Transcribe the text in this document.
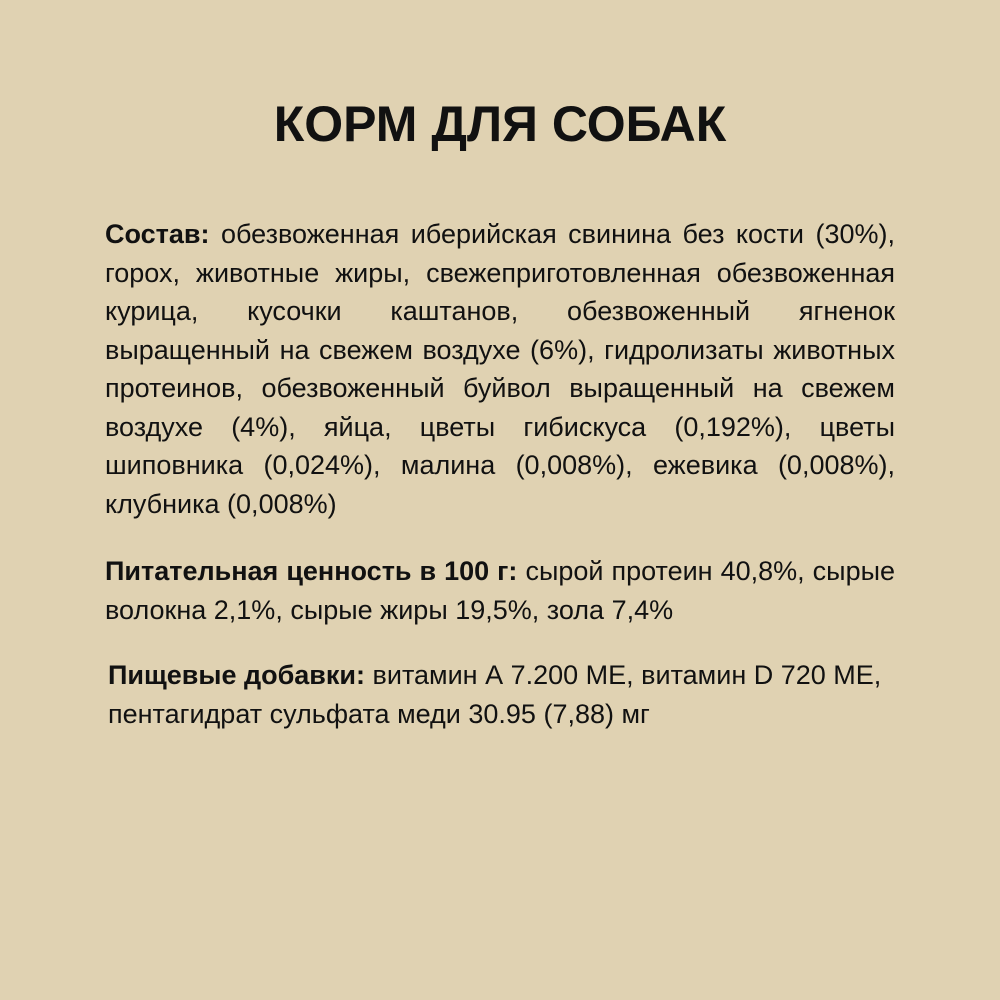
КОРМ ДЛЯ СОБАК

Состав: обезвоженная иберийская свинина без кости (30%), горох, животные жиры, свежеприготовленная обезвоженная курица, кусочки каштанов, обезвоженный ягненок выращенный на свежем воздухе (6%), гидролизаты животных протеинов, обезвоженный буйвол выращенный на свежем воздухе (4%), яйца, цветы гибискуса (0,192%), цветы шиповника (0,024%), малина (0,008%), ежевика (0,008%), клубника (0,008%)

Питательная ценность в 100 г: сырой протеин 40,8%, сырые волокна 2,1%, сырые жиры 19,5%, зола 7,4%

Пищевые добавки: витамин А 7.200 МЕ, витамин D 720 МЕ, пентагидрат сульфата меди 30.95 (7,88) мг
